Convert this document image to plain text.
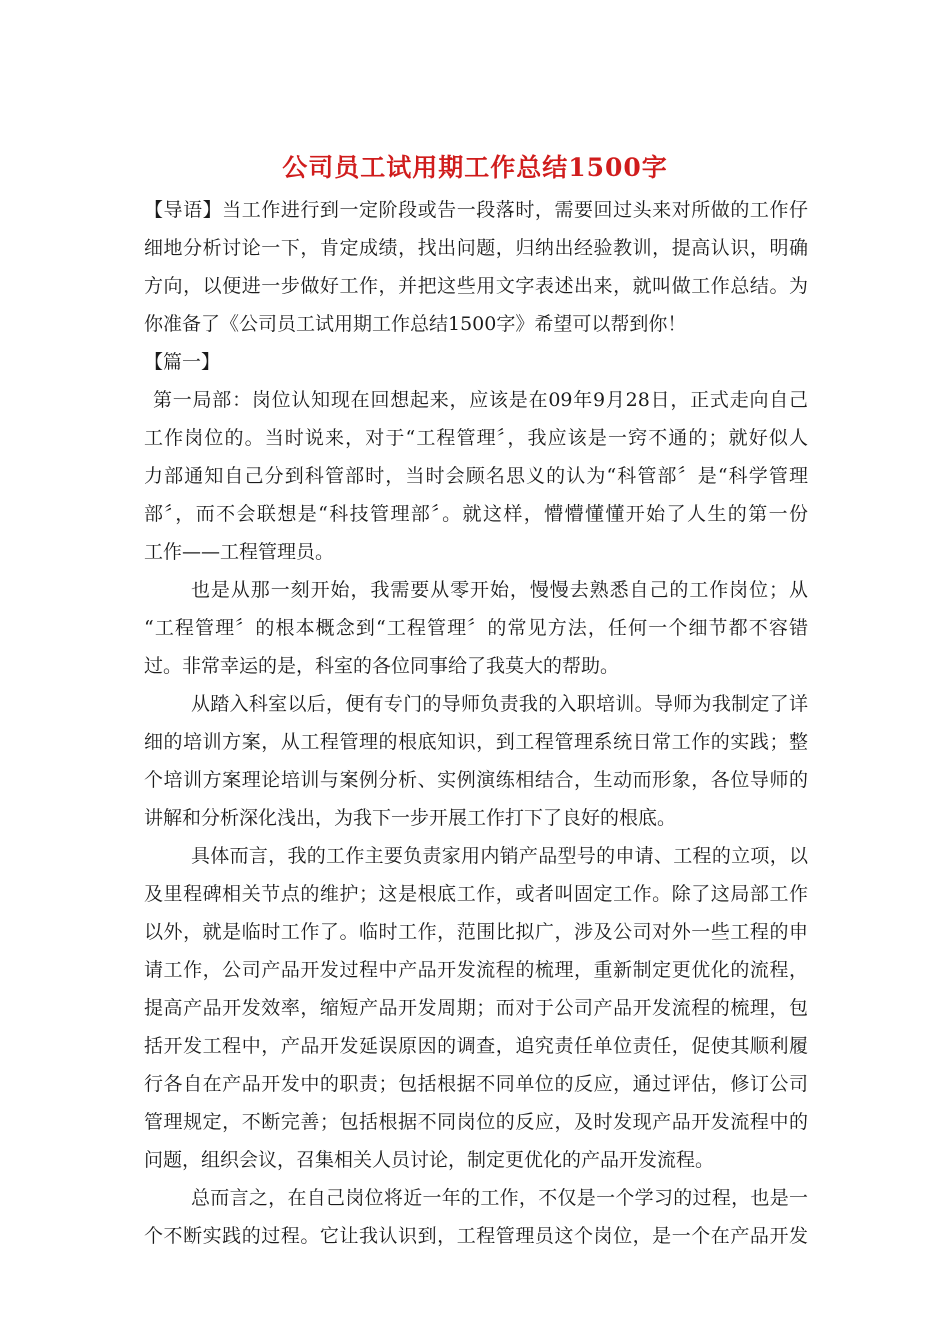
公司员工试用期工作总结1500字
【导语】当工作进行到一定阶段或告一段落时，需要回过头来对所做的工作仔
细地分析讨论一下，肯定成绩，找出问题，归纳出经验教训，提高认识，明确
方向，以便进一步做好工作，并把这些用文字表述出来，就叫做工作总结。为
你准备了《公司员工试用期工作总结1500字》希望可以帮到你！
【篇一】
第一局部：岗位认知现在回想起来，应该是在09年9月28日，正式走向自己
工作岗位的。当时说来，对于“工程管理〞，我应该是一窍不通的；就好似人
力部通知自己分到科管部时，当时会顾名思义的认为“科管部〞是“科学管理
部〞，而不会联想是“科技管理部〞。就这样，懵懵懂懂开始了人生的第一份
工作——工程管理员。
也是从那一刻开始，我需要从零开始，慢慢去熟悉自己的工作岗位；从
“工程管理〞的根本概念到“工程管理〞的常见方法，任何一个细节都不容错
过。非常幸运的是，科室的各位同事给了我莫大的帮助。
从踏入科室以后，便有专门的导师负责我的入职培训。导师为我制定了详
细的培训方案，从工程管理的根底知识，到工程管理系统日常工作的实践；整
个培训方案理论培训与案例分析、实例演练相结合，生动而形象，各位导师的
讲解和分析深化浅出，为我下一步开展工作打下了良好的根底。
具体而言，我的工作主要负责家用内销产品型号的申请、工程的立项，以
及里程碑相关节点的维护；这是根底工作，或者叫固定工作。除了这局部工作
以外，就是临时工作了。临时工作，范围比拟广，涉及公司对外一些工程的申
请工作，公司产品开发过程中产品开发流程的梳理，重新制定更优化的流程，
提高产品开发效率，缩短产品开发周期；而对于公司产品开发流程的梳理，包
括开发工程中，产品开发延误原因的调查，追究责任单位责任，促使其顺利履
行各自在产品开发中的职责；包括根据不同单位的反应，通过评估，修订公司
管理规定，不断完善；包括根据不同岗位的反应，及时发现产品开发流程中的
问题，组织会议，召集相关人员讨论，制定更优化的产品开发流程。
总而言之，在自己岗位将近一年的工作，不仅是一个学习的过程，也是一
个不断实践的过程。它让我认识到，工程管理员这个岗位，是一个在产品开发
